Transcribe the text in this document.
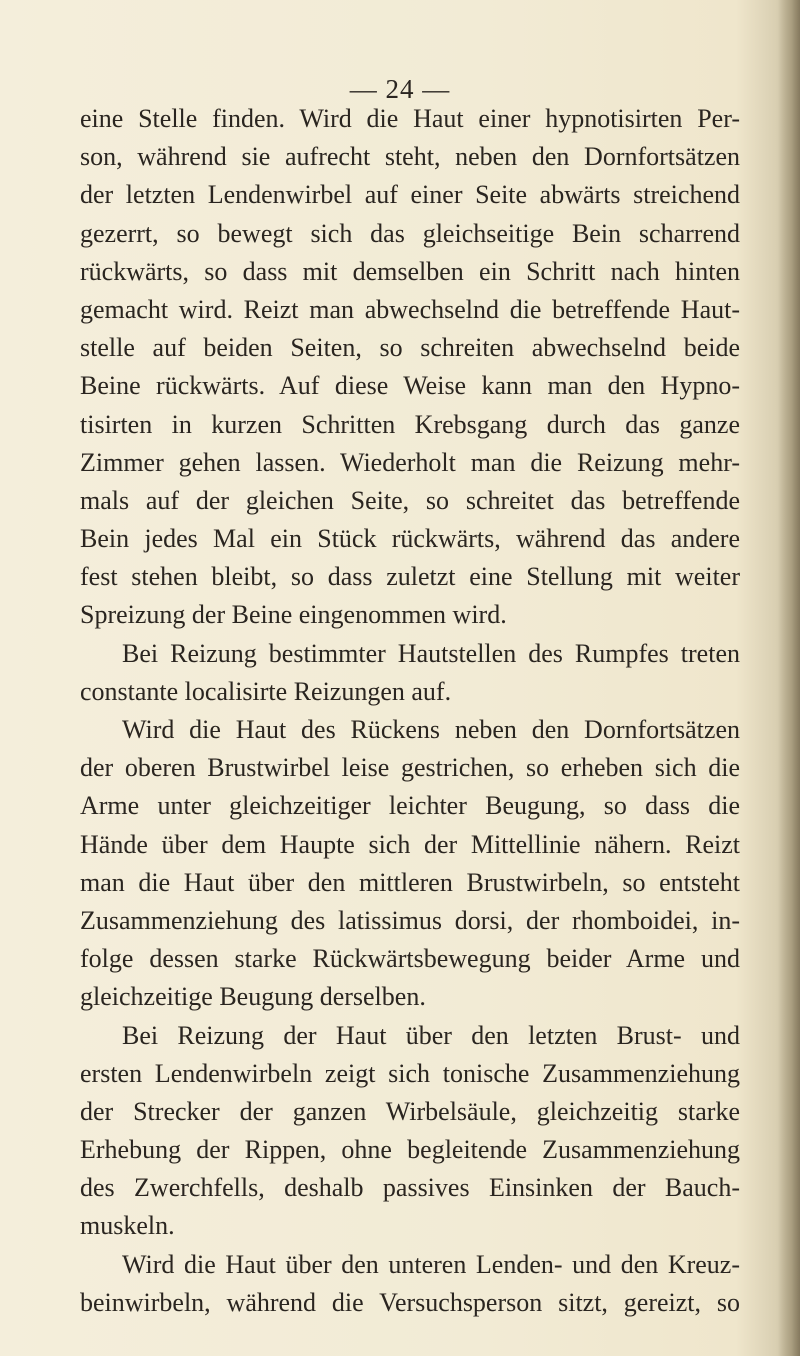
— 24 —
eine Stelle finden. Wird die Haut einer hypnotisirten Per-
son, während sie aufrecht steht, neben den Dornfortsätzen
der letzten Lendenwirbel auf einer Seite abwärts streichend
gezerrt, so bewegt sich das gleichseitige Bein scharrend
rückwärts, so dass mit demselben ein Schritt nach hinten
gemacht wird. Reizt man abwechselnd die betreffende Haut-
stelle auf beiden Seiten, so schreiten abwechselnd beide
Beine rückwärts. Auf diese Weise kann man den Hypno-
tisirten in kurzen Schritten Krebsgang durch das ganze
Zimmer gehen lassen. Wiederholt man die Reizung mehr-
mals auf der gleichen Seite, so schreitet das betreffende
Bein jedes Mal ein Stück rückwärts, während das andere
fest stehen bleibt, so dass zuletzt eine Stellung mit weiter
Spreizung der Beine eingenommen wird.
Bei Reizung bestimmter Hautstellen des Rumpfes treten
constante localisirte Reizungen auf.
Wird die Haut des Rückens neben den Dornfortsätzen
der oberen Brustwirbel leise gestrichen, so erheben sich die
Arme unter gleichzeitiger leichter Beugung, so dass die
Hände über dem Haupte sich der Mittellinie nähern. Reizt
man die Haut über den mittleren Brustwirbeln, so entsteht
Zusammenziehung des latissimus dorsi, der rhomboidei, in-
folge dessen starke Rückwärtsbewegung beider Arme und
gleichzeitige Beugung derselben.
Bei Reizung der Haut über den letzten Brust- und
ersten Lendenwirbeln zeigt sich tonische Zusammenziehung
der Strecker der ganzen Wirbelsäule, gleichzeitig starke
Erhebung der Rippen, ohne begleitende Zusammenziehung
des Zwerchfells, deshalb passives Einsinken der Bauch-
muskeln.
Wird die Haut über den unteren Lenden- und den Kreuz-
beinwirbeln, während die Versuchsperson sitzt, gereizt, so
